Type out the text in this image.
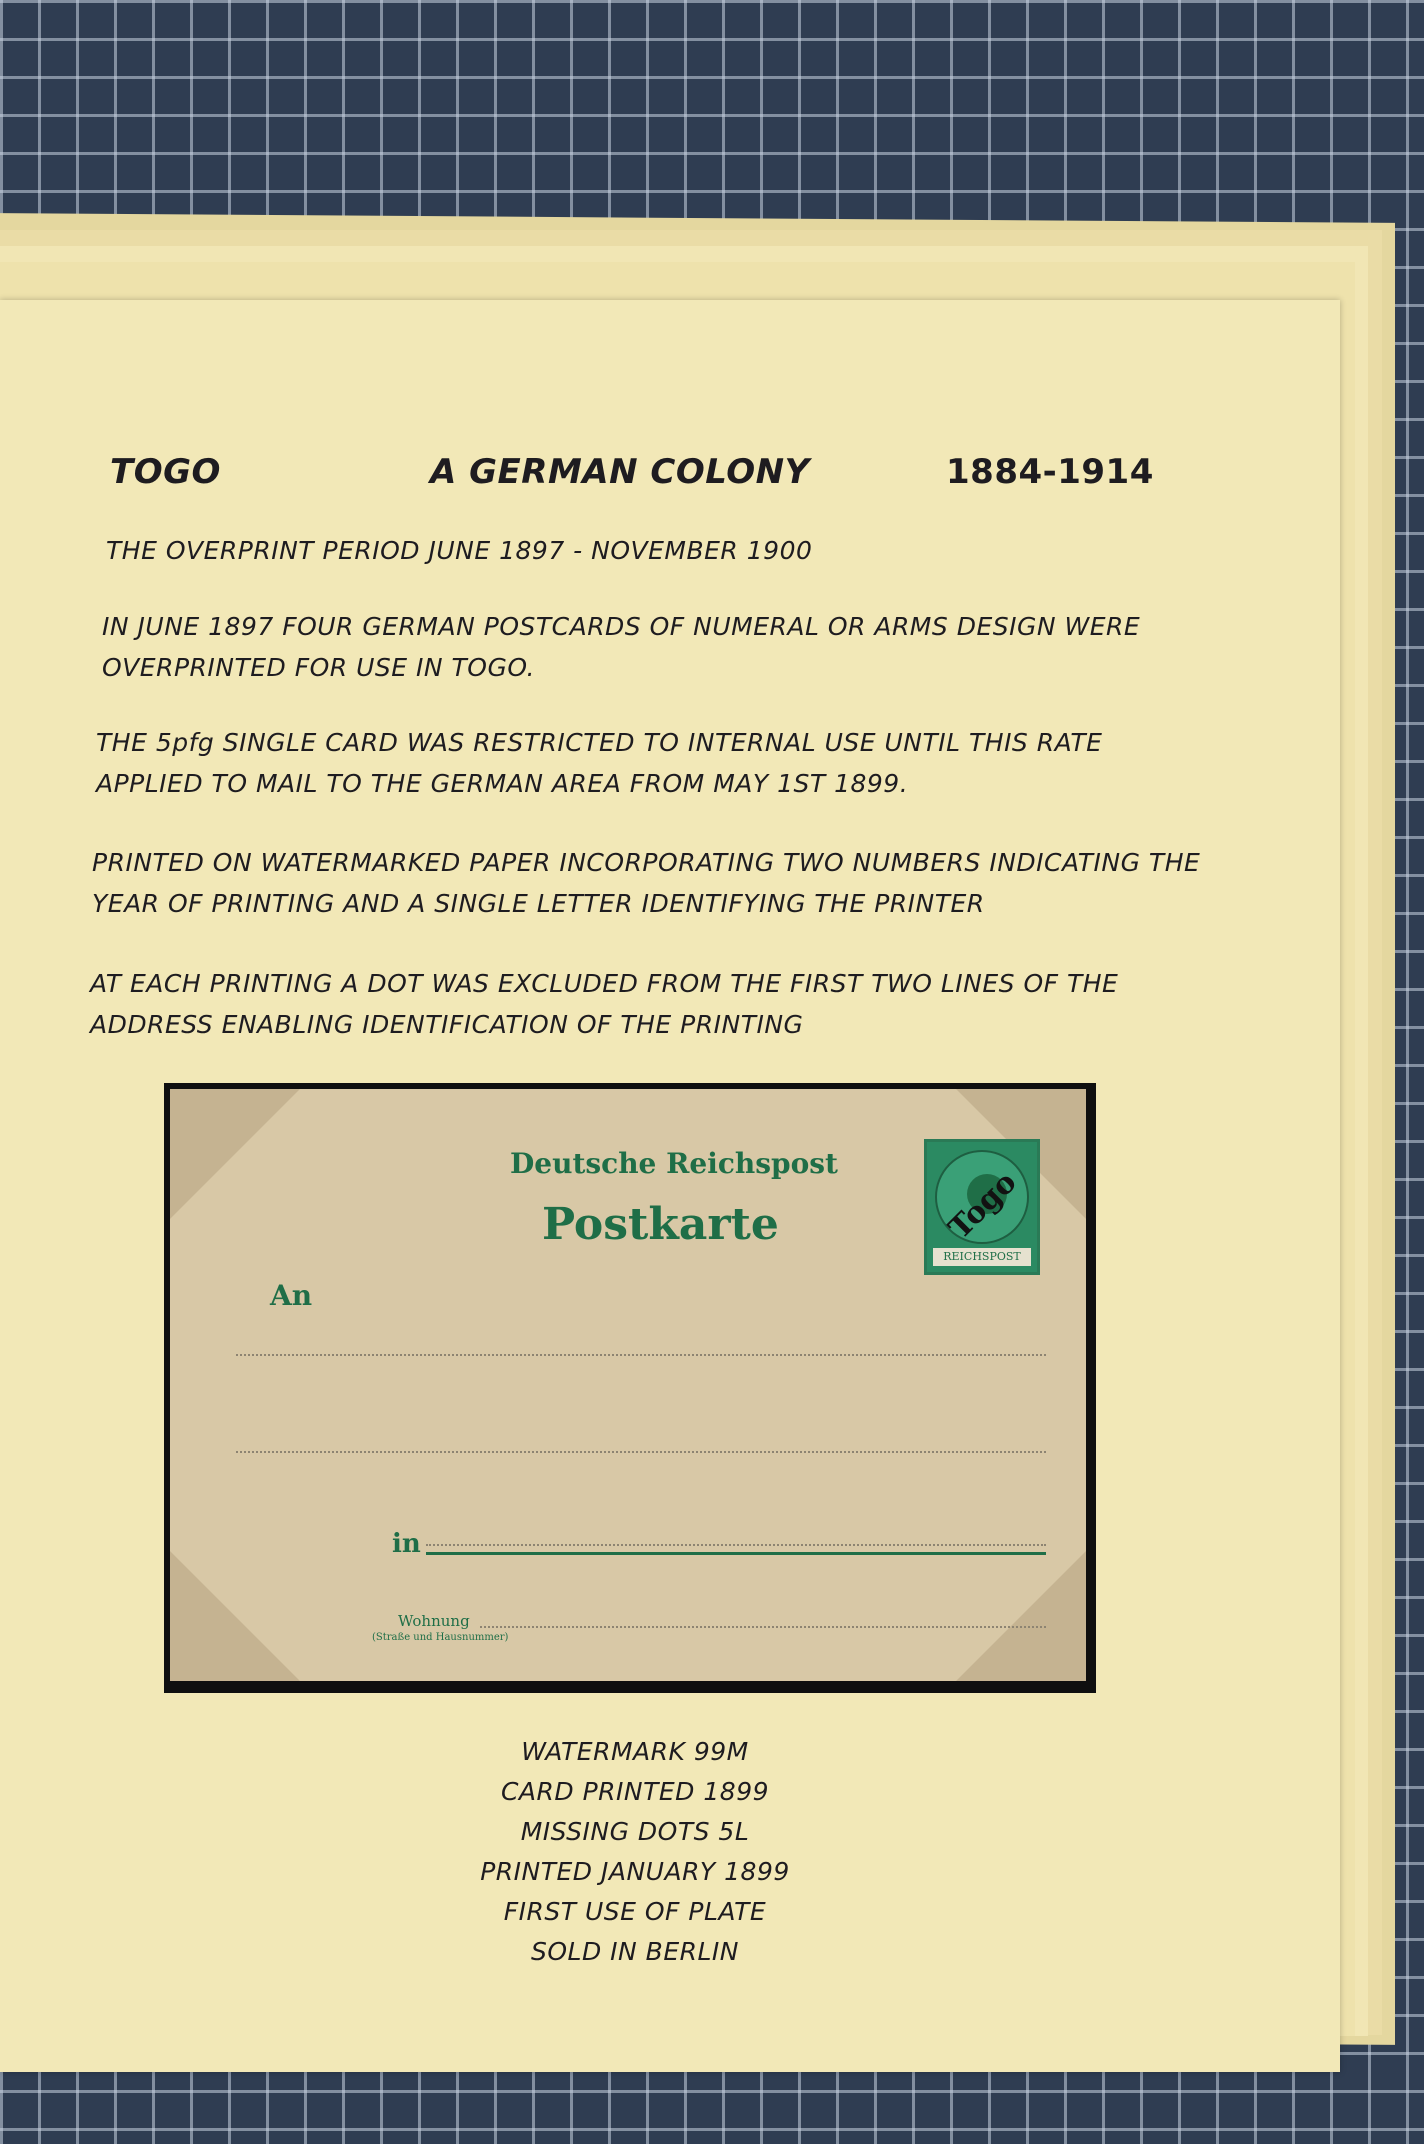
TOGO	A GERMAN COLONY	1884-1914
THE OVERPRINT PERIOD JUNE 1897 - NOVEMBER 1900
IN JUNE 1897 FOUR GERMAN POSTCARDS OF NUMERAL OR ARMS DESIGN WERE
OVERPRINTED FOR USE IN TOGO.
THE 5pfg SINGLE CARD WAS RESTRICTED TO INTERNAL USE UNTIL THIS RATE
APPLIED TO MAIL TO THE GERMAN AREA FROM MAY 1ST 1899.
PRINTED ON WATERMARKED PAPER INCORPORATING TWO NUMBERS INDICATING THE
YEAR OF PRINTING AND A SINGLE LETTER IDENTIFYING THE PRINTER
AT EACH PRINTING A DOT WAS EXCLUDED FROM THE FIRST TWO LINES OF THE
ADDRESS ENABLING IDENTIFICATION OF THE PRINTING
Deutsche Reichspost
Postkarte
An
in
Wohnung
(Straße und Hausnummer)
Togo
REICHSPOST
WATERMARK 99M
CARD PRINTED 1899
MISSING DOTS 5L
PRINTED JANUARY 1899
FIRST USE OF PLATE
SOLD IN BERLIN
